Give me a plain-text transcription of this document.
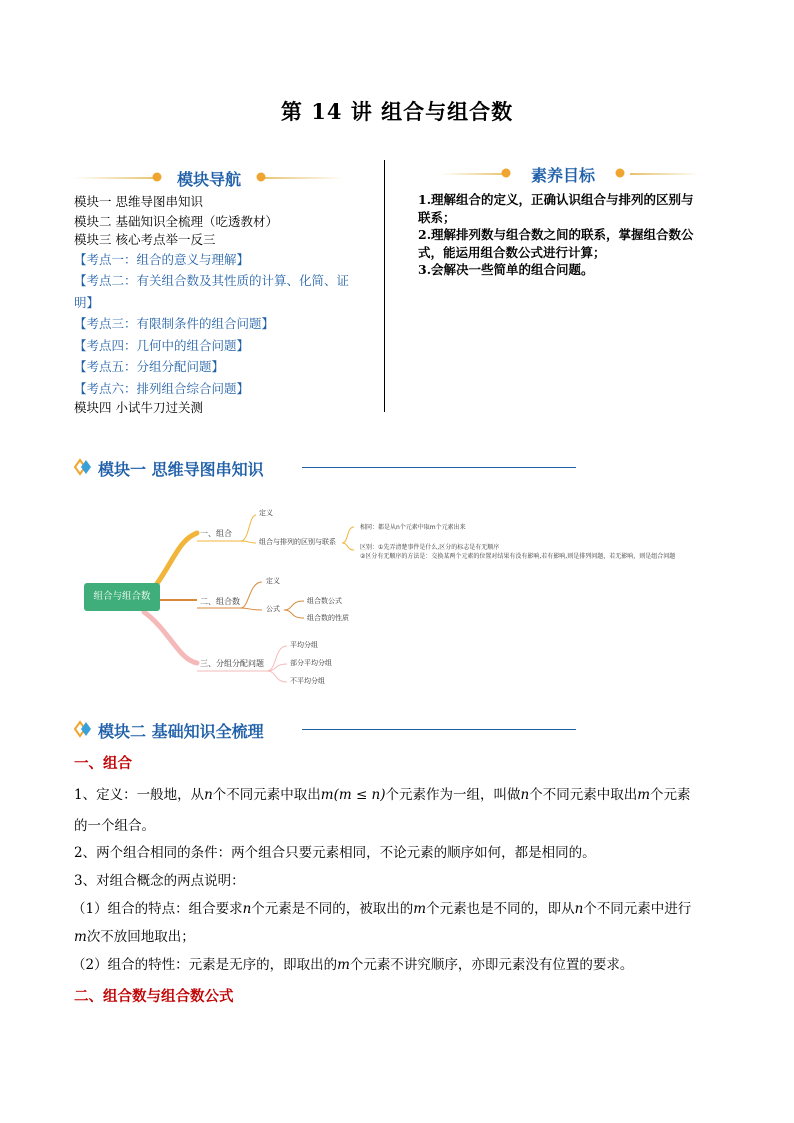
第 14 讲 组合与组合数
模块导航
模块一 思维导图串知识
模块二 基础知识全梳理（吃透教材）
模块三 核心考点举一反三
【考点一：组合的意义与理解】
【考点二：有关组合数及其性质的计算、化简、证
明】
【考点三：有限制条件的组合问题】
【考点四：几何中的组合问题】
【考点五：分组分配问题】
【考点六：排列组合综合问题】
模块四 小试牛刀过关测
素养目标
1.理解组合的定义，正确认识组合与排列的区别与
联系；
2.理解排列数与组合数之间的联系，掌握组合数公
式，能运用组合数公式进行计算；
3.会解决一些简单的组合问题。
模块一 思维导图串知识
组合与组合数
一、组合
定义
组合与排列的区别与联系
相同：都是从n个元素中取m个元素出来
区别：①先弄清楚事件是什么,区分的标志是有无顺序
②区分有无顺序的方法是：交换某两个元素的位置对结果有没有影响,若有影响,则是排列问题，若无影响，则是组合问题
二、组合数
定义
公式
组合数公式
组合数的性质
三、分组分配问题
平均分组
部分平均分组
不平均分组
模块二 基础知识全梳理
一、组合
1、定义：一般地，从n个不同元素中取出m(m ≤ n)个元素作为一组，叫做n个不同元素中取出m个元素
的一个组合。
2、两个组合相同的条件：两个组合只要元素相同，不论元素的顺序如何，都是相同的。
3、对组合概念的两点说明：
（1）组合的特点：组合要求n个元素是不同的，被取出的m个元素也是不同的，即从n个不同元素中进行
m次不放回地取出；
（2）组合的特性：元素是无序的，即取出的m个元素不讲究顺序，亦即元素没有位置的要求。
二、组合数与组合数公式
